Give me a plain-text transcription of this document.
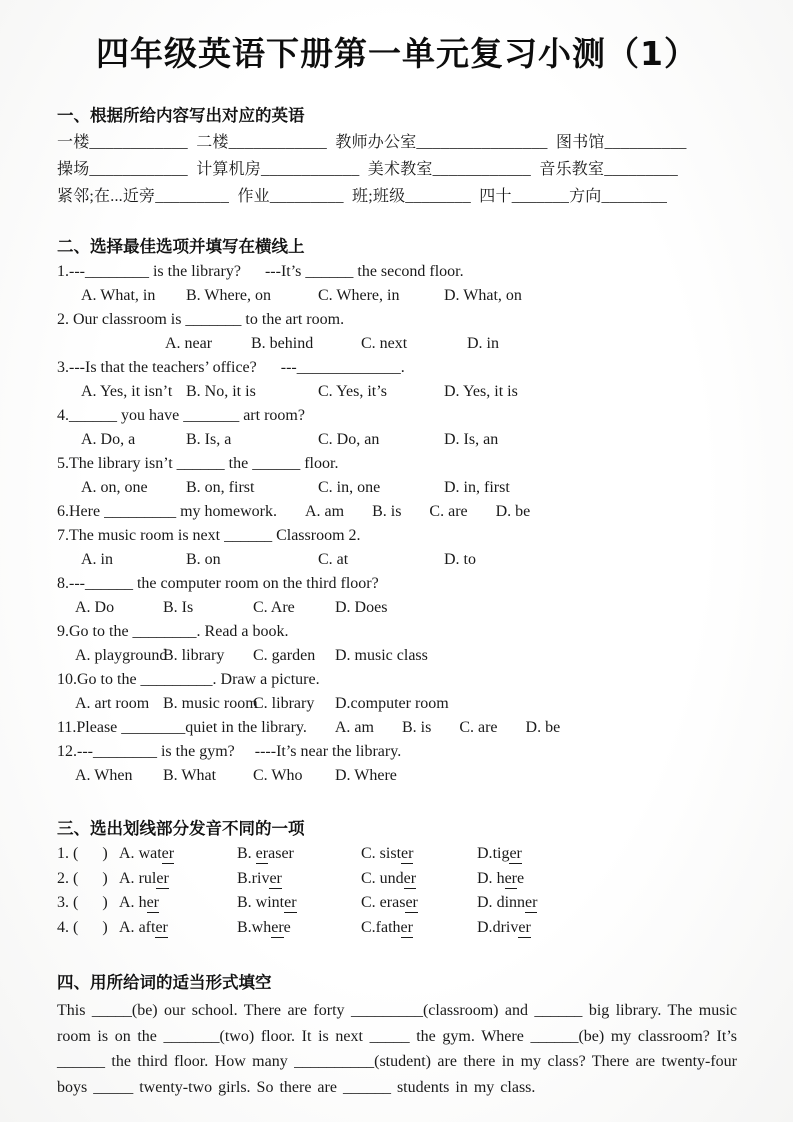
四年级英语下册第一单元复习小测（1）
一、根据所给内容写出对应的英语
一楼____________  二楼____________  教师办公室________________  图书馆__________
操场____________  计算机房____________  美术教室____________  音乐教室_________
紧邻;在...近旁_________  作业_________  班;班级________  四十_______方向________
二、选择最佳选项并填写在横线上
1.---________ is the library?      ---It’s ______ the second floor.
A. What, in	B. Where, on	C. Where, in	D. What, on
2. Our classroom is _______ to the art room.
A. near	B. behind	C. next	D. in
3.---Is that the teachers’ office?      ---_____________.
A. Yes, it isn’t B. No, it is	C. Yes, it’s	D. Yes, it is
4.______ you have _______ art room?
A. Do, a	B. Is, a	C. Do, an	D. Is, an
5.The library isn’t ______ the ______ floor.
A. on, one	B. on, first	C. in, one	D. in, first
6.Here _________ my homework. A. am B. is C. are D. be
7.The music room is next ______ Classroom 2.
A. in	B. on	C. at	D. to
8.---______ the computer room on the third floor?
A. Do	B. Is	C. Are	D. Does
9.Go to the ________. Read a book.
A. playground
B. library	C. garden	D. music class
10.Go to the _________. Draw a picture.
A. art room B. music room
C. library	D.computer room
11.Please ________quiet in the library. A. am B. is C. are D. be
12.---________ is the gym?     ----It’s near the library.
A. When	B. What	C. Who	D. Where
三、选出划线部分发音不同的一项
1. (      ) A. water	B. eraser	C. sister	D.tiger
2. (      ) A. ruler	B.river	C. under	D. here
3. (      ) A. her	B. winter	C. eraser	D. dinner
4. (      ) A. after	B.where	C.father	D.driver
四、用所给词的适当形式填空
This _____(be) our school. There are forty _________(classroom) and ______ big library. The music room is on the _______(two) floor. It is next _____ the gym. Where ______(be) my classroom? It’s ______ the third floor. How many __________(student) are there in my class? There are twenty-four boys _____ twenty-two girls. So there are ______ students in my class.
